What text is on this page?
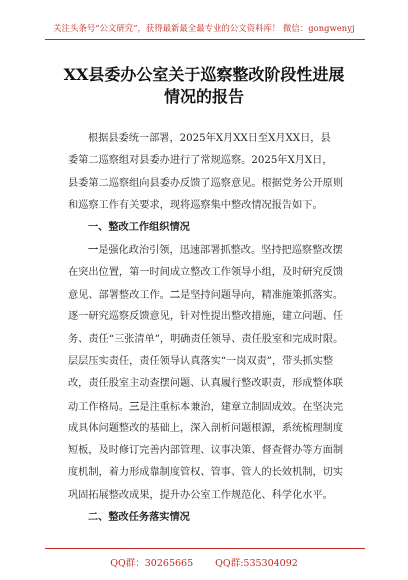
关注头条号“公文研究”，获得最新最全最专业的公文资料库！ 微信：gongwenyj
XX县委办公室关于巡察整改阶段性进展
情况的报告
根据县委统一部署，2025年X月XX日至X月XX日，县
委第二巡察组对县委办进行了常规巡察。2025年X月X日，
县委第二巡察组向县委办反馈了巡察意见。根据党务公开原则
和巡察工作有关要求，现将巡察集中整改情况报告如下。
一、整改工作组织情况
一是强化政治引领，迅速部署抓整改。坚持把巡察整改摆
在突出位置，第一时间成立整改工作领导小组，及时研究反馈
意见、部署整改工作。二是坚持问题导向，精准施策抓落实。
逐一研究巡察反馈意见，针对性提出整改措施，建立问题、任
务、责任“三张清单”，明确责任领导、责任股室和完成时限。
层层压实责任，责任领导认真落实“一岗双责”，带头抓实整
改，责任股室主动查摆问题、认真履行整改职责，形成整体联
动工作格局。三是注重标本兼治，建章立制固成效。在坚决完
成具体问题整改的基础上，深入剖析问题根源，系统梳理制度
短板，及时修订完善内部管理、议事决策、督查督办等方面制
度机制，着力形成靠制度管权、管事、管人的长效机制，切实
巩固拓展整改成果，提升办公室工作规范化、科学化水平。
二、整改任务落实情况
QQ群：30265665 QQ群:535304092
